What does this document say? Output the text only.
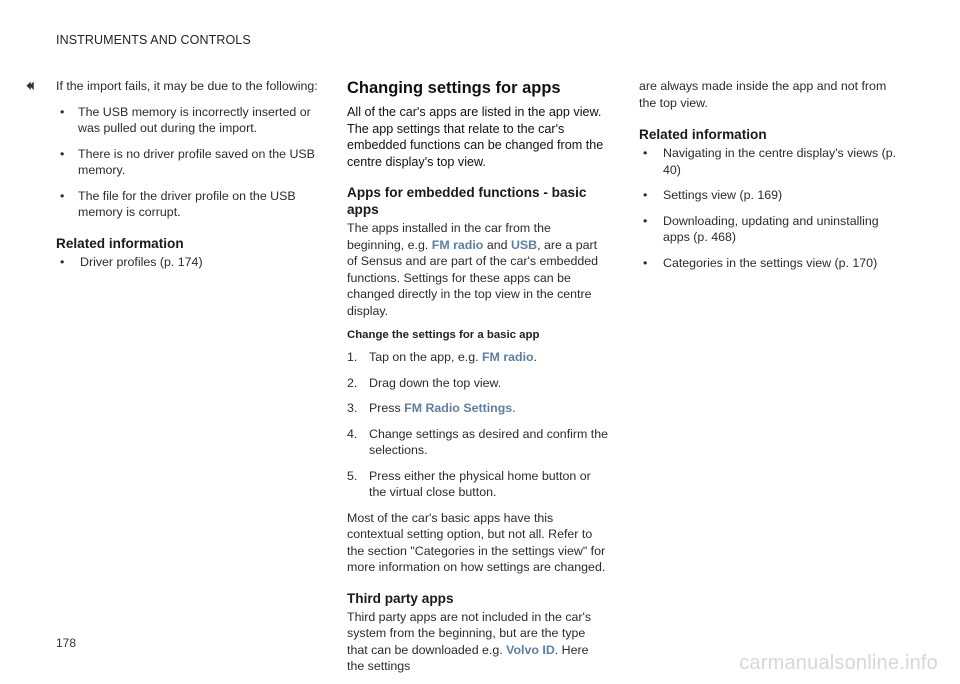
INSTRUMENTS AND CONTROLS
⏴⏴ If the import fails, it may be due to the following:

• The USB memory is incorrectly inserted or was pulled out during the import.
• There is no driver profile saved on the USB memory.
• The file for the driver profile on the USB memory is corrupt.
Related information
• Driver profiles (p. 174)
Changing settings for apps

All of the car's apps are listed in the app view. The app settings that relate to the car's embedded functions can be changed from the centre display's top view.

Apps for embedded functions - basic apps

The apps installed in the car from the beginning, e.g. FM radio and USB, are a part of Sensus and are part of the car's embedded functions. Settings for these apps can be changed directly in the top view in the centre display.

Change the settings for a basic app
1. Tap on the app, e.g. FM radio.
2. Drag down the top view.
3. Press FM Radio Settings.
4. Change settings as desired and confirm the selections.
5. Press either the physical home button or the virtual close button.

Most of the car's basic apps have this contextual setting option, but not all. Refer to the section "Categories in the settings view" for more information on how settings are changed.

Third party apps

Third party apps are not included in the car's system from the beginning, but are the type that can be downloaded e.g. Volvo ID. Here the settings

are always made inside the app and not from the top view.

Related information
• Navigating in the centre display's views (p. 40)
• Settings view (p. 169)
• Downloading, updating and uninstalling apps (p. 468)
• Categories in the settings view (p. 170)
178
carmanualsonline.info
